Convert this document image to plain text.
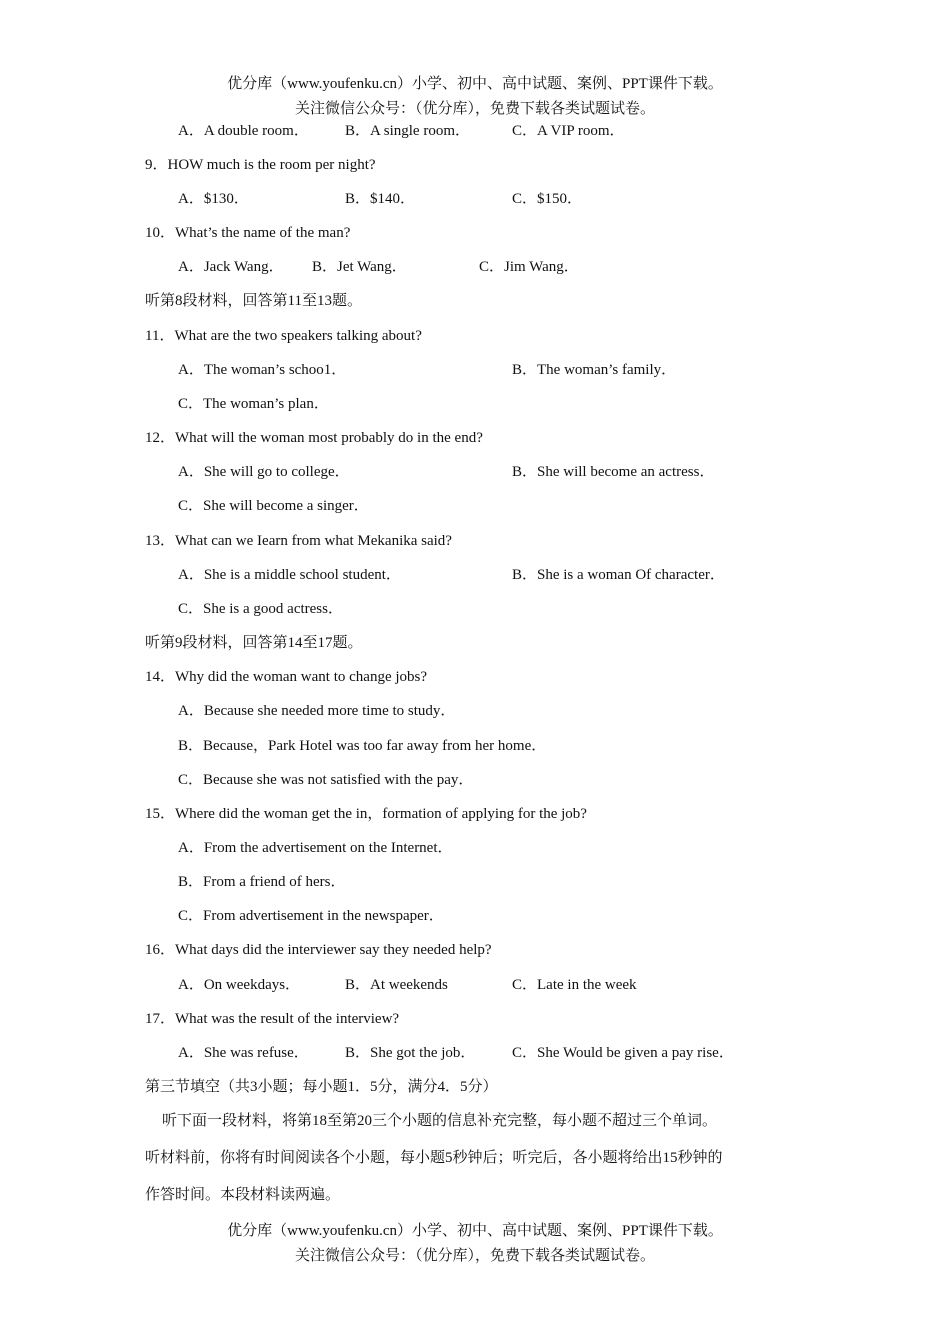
优分库（www.youfenku.cn）小学、初中、高中试题、案例、PPT课件下载。
关注微信公众号：（优分库），免费下载各类试题试卷。
A．A double room． B．A single room．	C．A VIP room．
9．HOW much is the room per night?
A．$130．	B．$140．	C．$150．
10．What’s the name of the man?
A．Jack Wang． B．Jet Wang．	C．Jim Wang．
听第8段材料，回答第11至13题。
11．What are the two speakers talking about?
A．The woman’s schoo1．	B．The woman’s family．
C．The woman’s plan．
12．What will the woman most probably do in the end?
A．She will go to college．	B．She will become an actress．
C．She will become a singer．
13．What can we Iearn from what Mekanika said?
A．She is a middle school student．	B．She is a woman Of character．
C．She is a good actress．
听第9段材料，回答第14至17题。
14．Why did the woman want to change jobs?
A．Because she needed more time to study．
B．Because，Park Hotel was too far away from her home．
C．Because she was not satisfied with the pay．
15．Where did the woman get the in，formation of applying for the job?
A．From the advertisement on the Internet．
B．From a friend of hers．
C．From advertisement in the newspaper．
16．What days did the interviewer say they needed help?
A．On weekdays．	B．At weekends	C．Late in the week
17．What was the result of the interview?
A．She was refuse． B．She got the job． C．She Would be given a pay rise．
第三节填空（共3小题；每小题1．5分，满分4．5分）
听下面一段材料，将第18至第20三个小题的信息补充完整，每小题不超过三个单词。
听材料前，你将有时间阅读各个小题，每小题5秒钟后；听完后，各小题将给出15秒钟的
作答时间。本段材料读两遍。
优分库（www.youfenku.cn）小学、初中、高中试题、案例、PPT课件下载。
关注微信公众号：（优分库），免费下载各类试题试卷。
